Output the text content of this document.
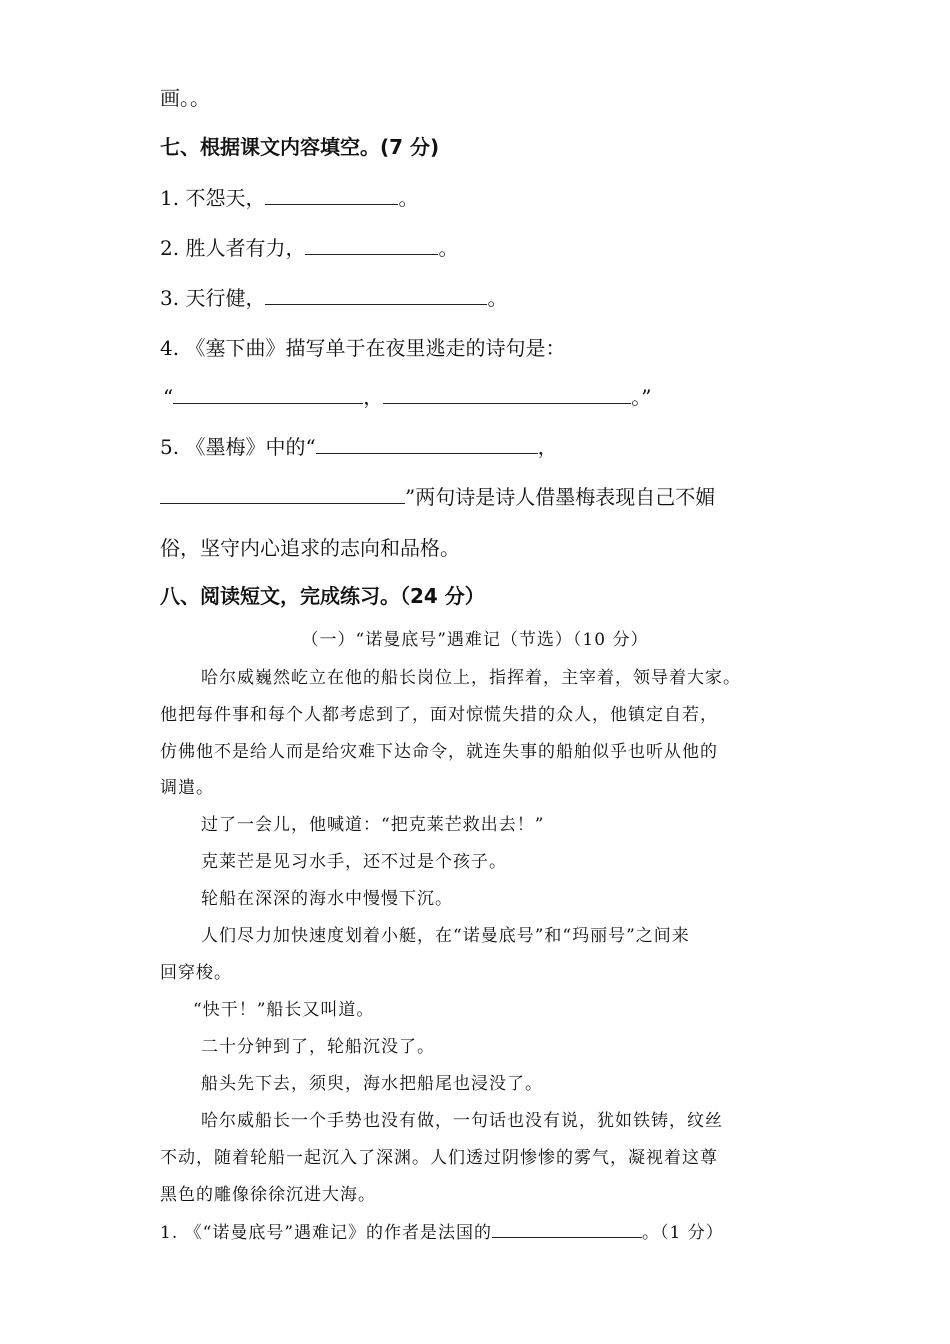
画。。
七、根据课文内容填空。(7 分)
1. 不怨天，	。
2. 胜人者有力，	。
3. 天行健，	。
4. 《塞下曲》描写单于在夜里逃走的诗句是：
“	，	。”
5. 《墨梅》中的“	，
”两句诗是诗人借墨梅表现自己不媚
俗，坚守内心追求的志向和品格。
八、阅读短文，完成练习。（24 分）
（一）“诺曼底号”遇难记（节选）（10 分）
哈尔威巍然屹立在他的船长岗位上，指挥着，主宰着，领导着大家。
他把每件事和每个人都考虑到了，面对惊慌失措的众人，他镇定自若，
仿佛他不是给人而是给灾难下达命令，就连失事的船舶似乎也听从他的
调遣。
过了一会儿，他喊道：“把克莱芒救出去！”
克莱芒是见习水手，还不过是个孩子。
轮船在深深的海水中慢慢下沉。
人们尽力加快速度划着小艇，在“诺曼底号”和“玛丽号”之间来
回穿梭。
“快干！”船长又叫道。
二十分钟到了，轮船沉没了。
船头先下去，须臾，海水把船尾也浸没了。
哈尔威船长一个手势也没有做，一句话也没有说，犹如铁铸，纹丝
不动，随着轮船一起沉入了深渊。人们透过阴惨惨的雾气，凝视着这尊
黑色的雕像徐徐沉进大海。
1. 《“诺曼底号”遇难记》的作者是法国的	。（1 分）
